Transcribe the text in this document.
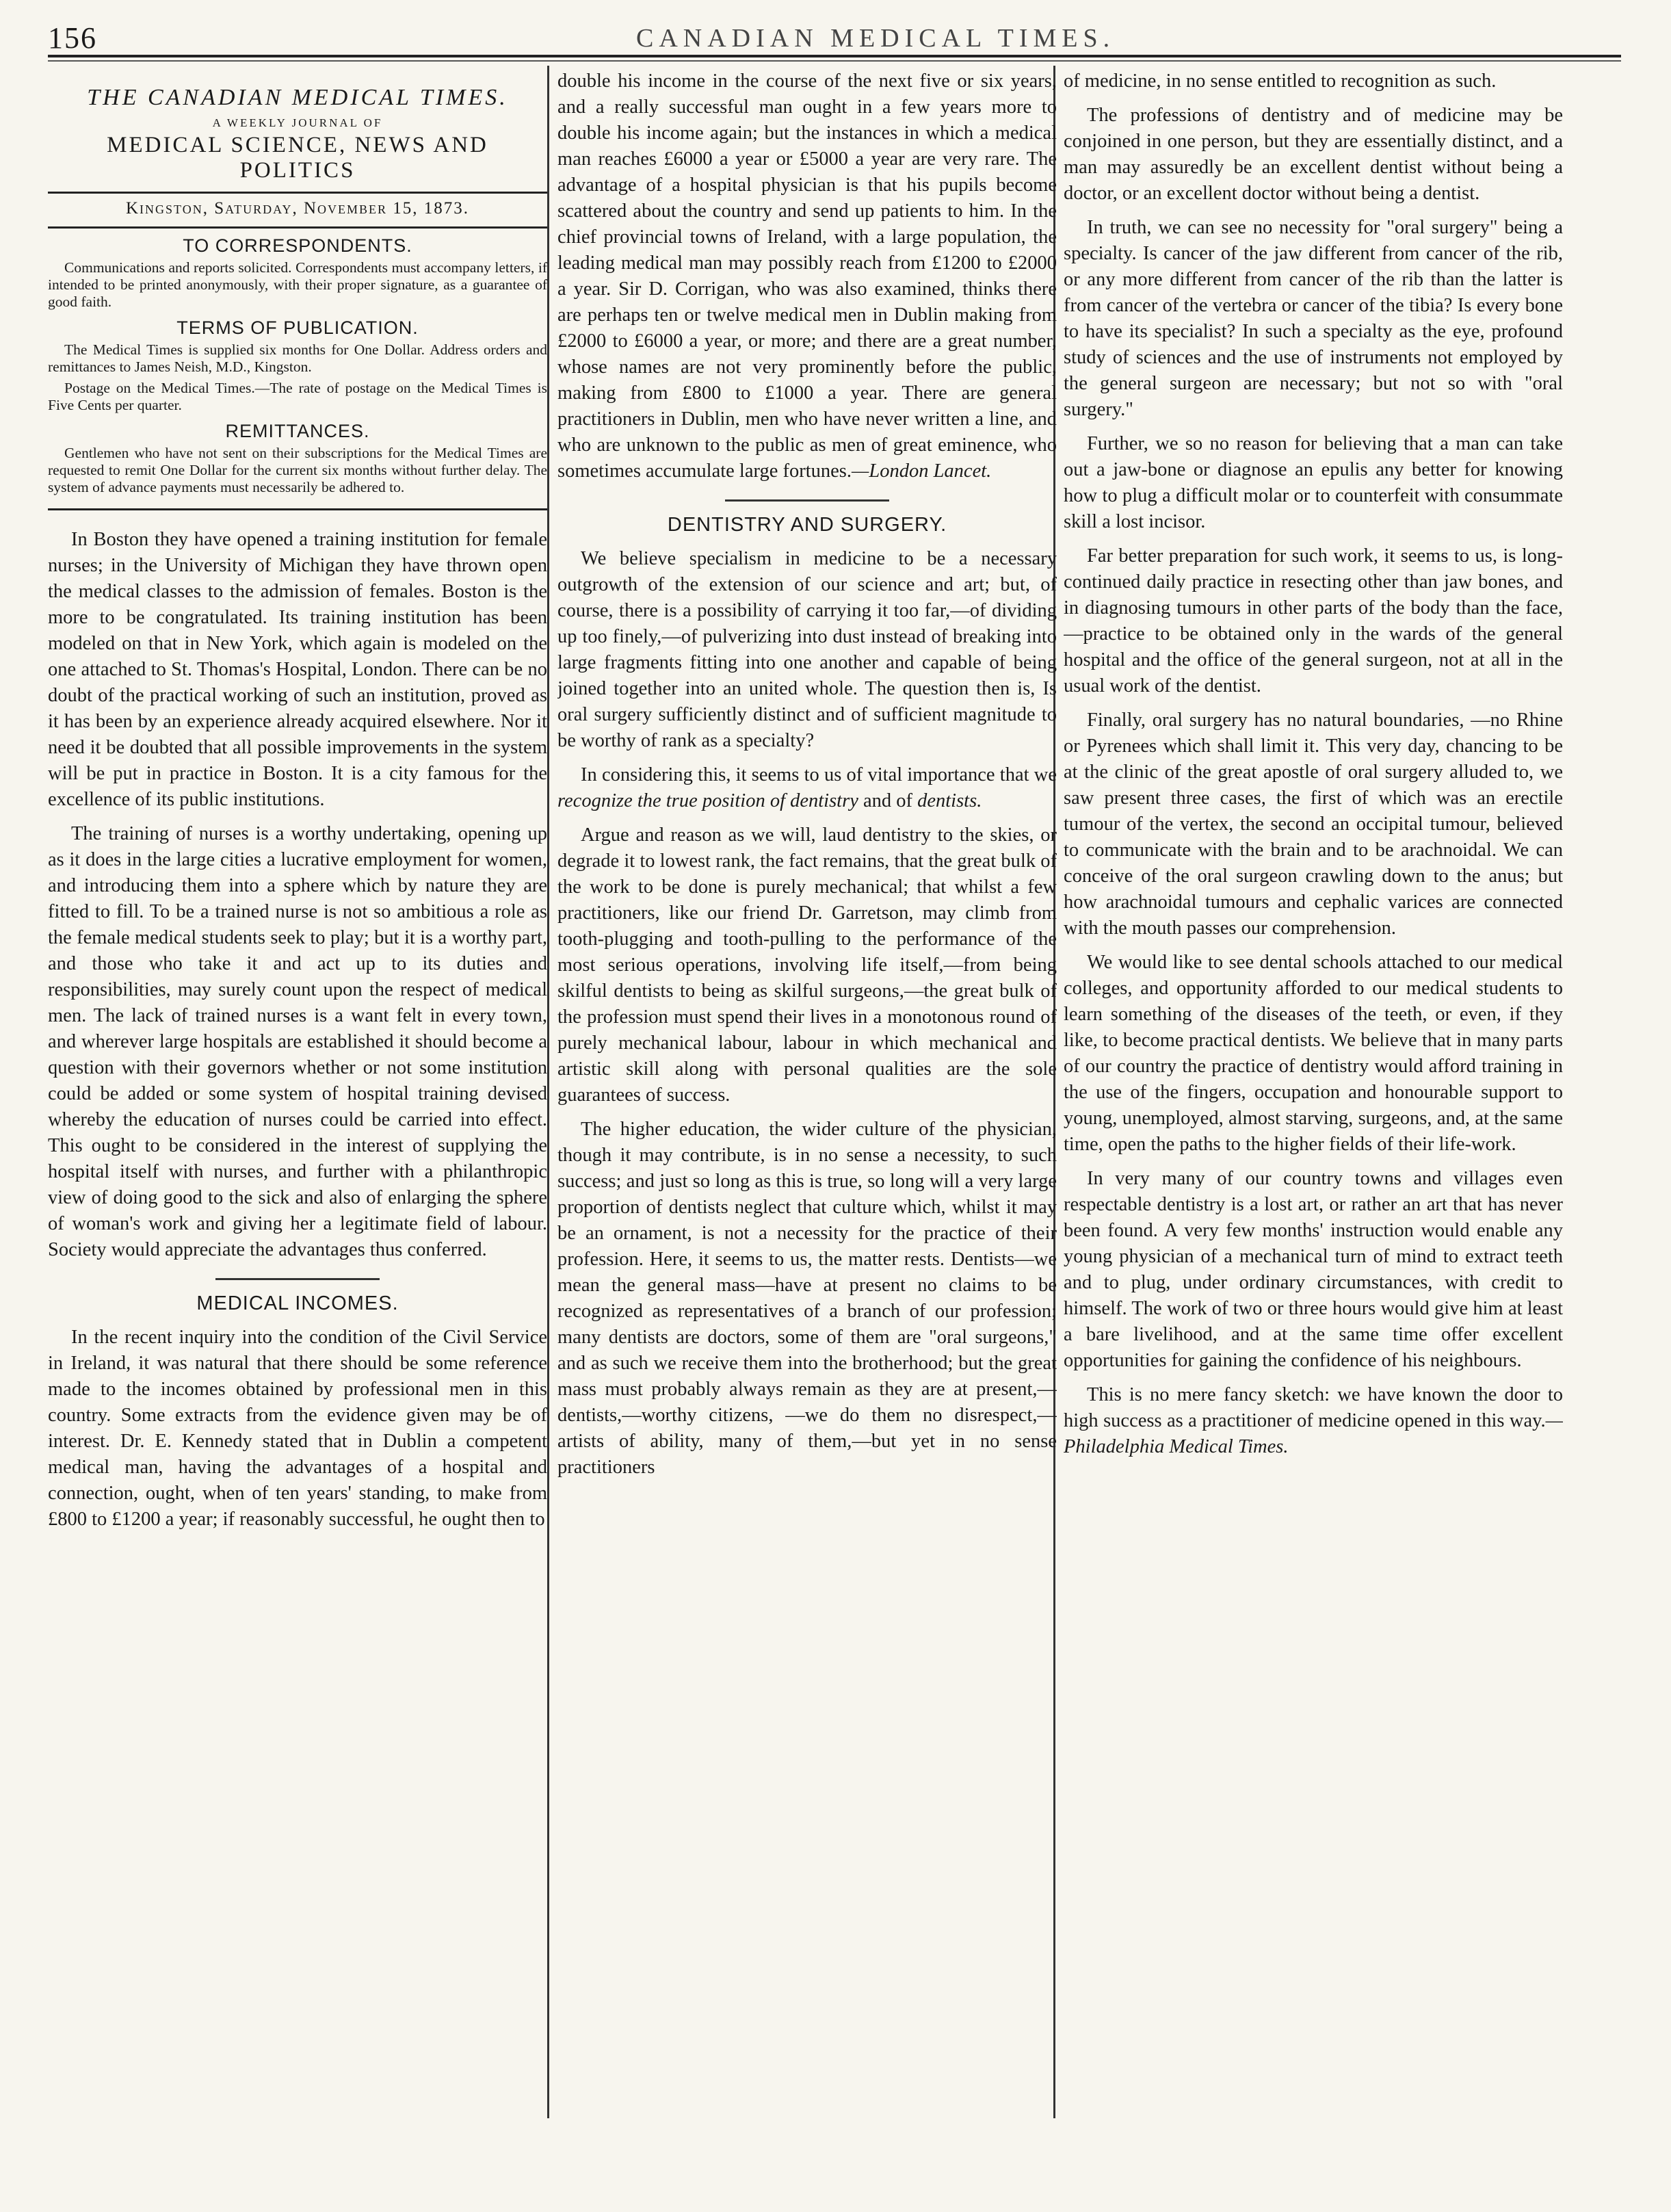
156	CANADIAN MEDICAL TIMES.
THE CANADIAN MEDICAL TIMES.
A WEEKLY JOURNAL OF
MEDICAL SCIENCE, NEWS AND POLITICS
Kingston, Saturday, November 15, 1873.
TO CORRESPONDENTS.

Communications and reports solicited. Correspondents must accompany letters, if intended to be printed anonymously, with their proper signature, as a guarantee of good faith.

TERMS OF PUBLICATION.

The Medical Times is supplied six months for One Dollar. Address orders and remittances to James Neish, M.D., Kingston.

Postage on the Medical Times.—The rate of postage on the Medical Times is Five Cents per quarter.

REMITTANCES.

Gentlemen who have not sent on their subscriptions for the Medical Times are requested to remit One Dollar for the current six months without further delay. The system of advance payments must necessarily be adhered to.

In Boston they have opened a training institution for female nurses; in the University of Michigan they have thrown open the medical classes to the admission of females. Boston is the more to be congratulated. Its training institution has been modeled on that in New York, which again is modeled on the one attached to St. Thomas's Hospital, London. There can be no doubt of the practical working of such an institution, proved as it has been by an experience already acquired elsewhere. Nor it need it be doubted that all possible improvements in the system will be put in practice in Boston. It is a city famous for the excellence of its public institutions.

The training of nurses is a worthy undertaking, opening up as it does in the large cities a lucrative employment for women, and introducing them into a sphere which by nature they are fitted to fill. To be a trained nurse is not so ambitious a role as the female medical students seek to play; but it is a worthy part, and those who take it and act up to its duties and responsibilities, may surely count upon the respect of medical men. The lack of trained nurses is a want felt in every town, and wherever large hospitals are established it should become a question with their governors whether or not some institution could be added or some system of hospital training devised whereby the education of nurses could be carried into effect. This ought to be considered in the interest of supplying the hospital itself with nurses, and further with a philanthropic view of doing good to the sick and also of enlarging the sphere of woman's work and giving her a legitimate field of labour. Society would appreciate the advantages thus conferred.

MEDICAL INCOMES.

In the recent inquiry into the condition of the Civil Service in Ireland, it was natural that there should be some reference made to the incomes obtained by professional men in this country. Some extracts from the evidence given may be of interest. Dr. E. Kennedy stated that in Dublin a competent medical man, having the advantages of a hospital and connection, ought, when of ten years' standing, to make from £800 to £1200 a year; if reasonably successful, he ought then to

double his income in the course of the next five or six years, and a really successful man ought in a few years more to double his income again; but the instances in which a medical man reaches £6000 a year or £5000 a year are very rare. The advantage of a hospital physician is that his pupils become scattered about the country and send up patients to him. In the chief provincial towns of Ireland, with a large population, the leading medical man may possibly reach from £1200 to £2000 a year. Sir D. Corrigan, who was also examined, thinks there are perhaps ten or twelve medical men in Dublin making from £2000 to £6000 a year, or more; and there are a great number, whose names are not very prominently before the public, making from £800 to £1000 a year. There are general practitioners in Dublin, men who have never written a line, and who are unknown to the public as men of great eminence, who sometimes accumulate large fortunes.—London Lancet.

DENTISTRY AND SURGERY.

We believe specialism in medicine to be a necessary outgrowth of the extension of our science and art; but, of course, there is a possibility of carrying it too far,—of dividing up too finely,—of pulverizing into dust instead of breaking into large fragments fitting into one another and capable of being joined together into an united whole. The question then is, Is oral surgery sufficiently distinct and of sufficient magnitude to be worthy of rank as a specialty?

In considering this, it seems to us of vital importance that we recognize the true position of dentistry and of dentists.

Argue and reason as we will, laud dentistry to the skies, or degrade it to lowest rank, the fact remains, that the great bulk of the work to be done is purely mechanical; that whilst a few practitioners, like our friend Dr. Garretson, may climb from tooth-plugging and tooth-pulling to the performance of the most serious operations, involving life itself,—from being skilful dentists to being as skilful surgeons,—the great bulk of the profession must spend their lives in a monotonous round of purely mechanical labour, labour in which mechanical and artistic skill along with personal qualities are the sole guarantees of success.

The higher education, the wider culture of the physician, though it may contribute, is in no sense a necessity, to such success; and just so long as this is true, so long will a very large proportion of dentists neglect that culture which, whilst it may be an ornament, is not a necessity for the practice of their profession. Here, it seems to us, the matter rests. Dentists—we mean the general mass—have at present no claims to be recognized as representatives of a branch of our profession; many dentists are doctors, some of them are "oral surgeons," and as such we receive them into the brotherhood; but the great mass must probably always remain as they are at present,—dentists,—worthy citizens, —we do them no disrespect,—artists of ability, many of them,—but yet in no sense practitioners

of medicine, in no sense entitled to recognition as such.

The professions of dentistry and of medicine may be conjoined in one person, but they are essentially distinct, and a man may assuredly be an excellent dentist without being a doctor, or an excellent doctor without being a dentist.

In truth, we can see no necessity for "oral surgery" being a specialty. Is cancer of the jaw different from cancer of the rib, or any more different from cancer of the rib than the latter is from cancer of the vertebra or cancer of the tibia? Is every bone to have its specialist? In such a specialty as the eye, profound study of sciences and the use of instruments not employed by the general surgeon are necessary; but not so with "oral surgery."

Further, we so no reason for believing that a man can take out a jaw-bone or diagnose an epulis any better for knowing how to plug a difficult molar or to counterfeit with consummate skill a lost incisor.

Far better preparation for such work, it seems to us, is long-continued daily practice in resecting other than jaw bones, and in diagnosing tumours in other parts of the body than the face,—practice to be obtained only in the wards of the general hospital and the office of the general surgeon, not at all in the usual work of the dentist.

Finally, oral surgery has no natural boundaries, —no Rhine or Pyrenees which shall limit it. This very day, chancing to be at the clinic of the great apostle of oral surgery alluded to, we saw present three cases, the first of which was an erectile tumour of the vertex, the second an occipital tumour, believed to communicate with the brain and to be arachnoidal. We can conceive of the oral surgeon crawling down to the anus; but how arachnoidal tumours and cephalic varices are connected with the mouth passes our comprehension.

We would like to see dental schools attached to our medical colleges, and opportunity afforded to our medical students to learn something of the diseases of the teeth, or even, if they like, to become practical dentists. We believe that in many parts of our country the practice of dentistry would afford training in the use of the fingers, occupation and honourable support to young, unemployed, almost starving, surgeons, and, at the same time, open the paths to the higher fields of their life-work.

In very many of our country towns and villages even respectable dentistry is a lost art, or rather an art that has never been found. A very few months' instruction would enable any young physician of a mechanical turn of mind to extract teeth and to plug, under ordinary circumstances, with credit to himself. The work of two or three hours would give him at least a bare livelihood, and at the same time offer excellent opportunities for gaining the confidence of his neighbours.

This is no mere fancy sketch: we have known the door to high success as a practitioner of medicine opened in this way.—Philadelphia Medical Times.
